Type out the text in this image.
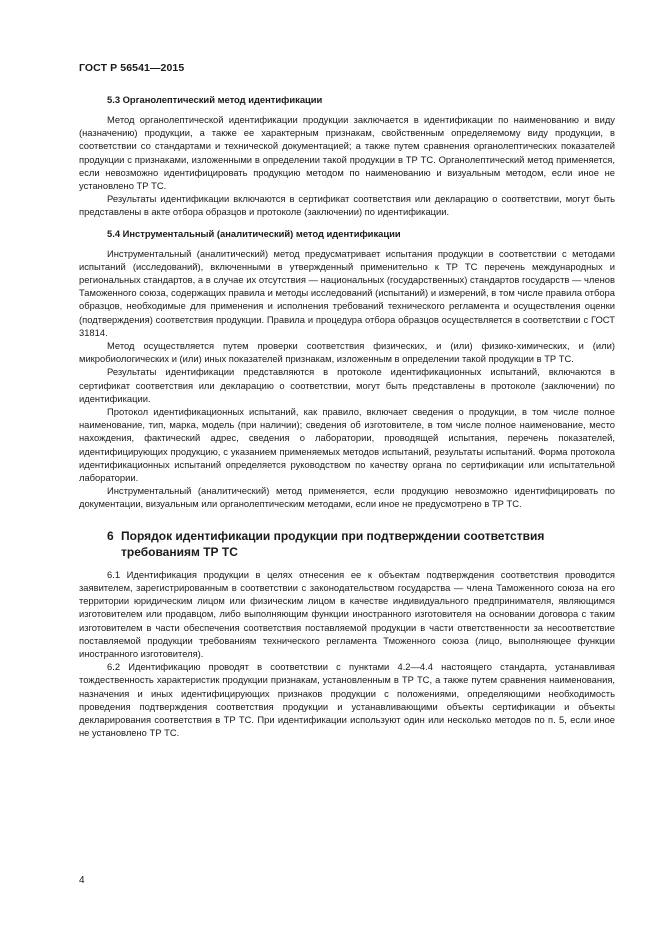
ГОСТ Р 56541—2015
5.3 Органолептический метод идентификации

Метод органолептической идентификации продукции заключается в идентификации по наименованию и виду (назначению) продукции, а также ее характерным признакам, свойственным определяемому виду продукции, в соответствии со стандартами и технической документацией; а также путем сравнения органолептических показателей продукции с признаками, изложенными в определении такой продукции в ТР ТС. Органолептический метод применяется, если невозможно идентифицировать продукцию методом по наименованию и визуальным методом, если иное не установлено ТР ТС.

Результаты идентификации включаются в сертификат соответствия или декларацию о соответствии, могут быть представлены в акте отбора образцов и протоколе (заключении) по идентификации.

5.4 Инструментальный (аналитический) метод идентификации

Инструментальный (аналитический) метод предусматривает испытания продукции в соответствии с методами испытаний (исследований), включенными в утвержденный применительно к ТР ТС перечень международных и региональных стандартов, а в случае их отсутствия — национальных (государственных) стандартов государств — членов Таможенного союза, содержащих правила и методы исследований (испытаний) и измерений, в том числе правила отбора образцов, необходимые для применения и исполнения требований технического регламента и осуществления оценки (подтверждения) соответствия продукции. Правила и процедура отбора образцов осуществляется в соответствии с ГОСТ 31814.

Метод осуществляется путем проверки соответствия физических, и (или) физико-химических, и (или) микробиологических и (или) иных показателей признакам, изложенным в определении такой продукции в ТР ТС.

Результаты идентификации представляются в протоколе идентификационных испытаний, включаются в сертификат соответствия или декларацию о соответствии, могут быть представлены в протоколе (заключении) по идентификации.

Протокол идентификационных испытаний, как правило, включает сведения о продукции, в том числе полное наименование, тип, марка, модель (при наличии); сведения об изготовителе, в том числе полное наименование, место нахождения, фактический адрес, сведения о лаборатории, проводящей испытания, перечень показателей, идентифицирующих продукцию, с указанием применяемых методов испытаний, результаты испытаний. Форма протокола идентификационных испытаний определяется руководством по качеству органа по сертификации или испытательной лаборатории.

Инструментальный (аналитический) метод применяется, если продукцию невозможно идентифицировать по документации, визуальным или органолептическим методами, если иное не предусмотрено в ТР ТС.

6 Порядок идентификации продукции при подтверждении соответствия требованиям ТР ТС

6.1 Идентификация продукции в целях отнесения ее к объектам подтверждения соответствия проводится заявителем, зарегистрированным в соответствии с законодательством государства — члена Таможенного союза на его территории юридическим лицом или физическим лицом в качестве индивидуального предпринимателя, являющимся изготовителем или продавцом, либо выполняющим функции иностранного изготовителя на основании договора с таким изготовителем в части обеспечения соответствия поставляемой продукции в части ответственности за несоответствие поставляемой продукции требованиям технического регламента Тможенного союза (лицо, выполняющее функции иностранного изготовителя).

6.2 Идентификацию проводят в соответствии с пунктами 4.2—4.4 настоящего стандарта, устанавливая тождественность характеристик продукции признакам, установленным в ТР ТС, а также путем сравнения наименования, назначения и иных идентифицирующих признаков продукции с положениями, определяющими необходимость проведения подтверждения соответствия продукции и устанавливающими объекты сертификации и объекты декларирования соответствия в ТР ТС. При идентификации используют один или несколько методов по п. 5, если иное не установлено ТР ТС.

4
